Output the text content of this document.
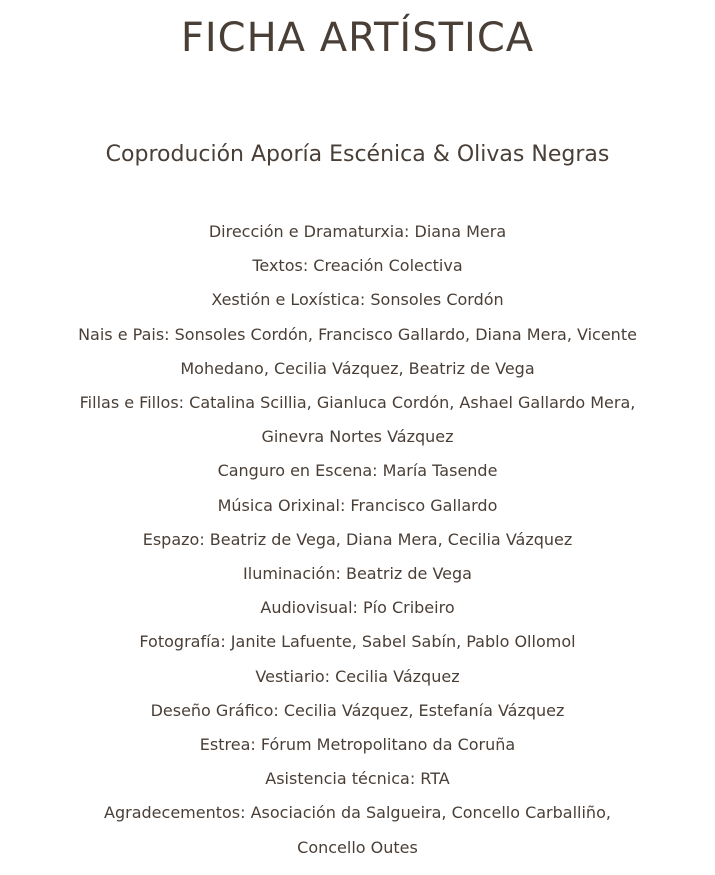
FICHA ARTÍSTICA
Coprodución Aporía Escénica & Olivas Negras
Dirección e Dramaturxia: Diana Mera
Textos: Creación Colectiva
Xestión e Loxística: Sonsoles Cordón
Nais e Pais: Sonsoles Cordón, Francisco Gallardo, Diana Mera, Vicente
Mohedano, Cecilia Vázquez, Beatriz de Vega
Fillas e Fillos: Catalina Scillia, Gianluca Cordón, Ashael Gallardo Mera,
Ginevra Nortes Vázquez
Canguro en Escena: María Tasende
Música Orixinal: Francisco Gallardo
Espazo: Beatriz de Vega, Diana Mera, Cecilia Vázquez
Iluminación: Beatriz de Vega
Audiovisual: Pío Cribeiro
Fotografía: Janite Lafuente, Sabel Sabín, Pablo Ollomol
Vestiario: Cecilia Vázquez
Deseño Gráfico: Cecilia Vázquez, Estefanía Vázquez
Estrea: Fórum Metropolitano da Coruña
Asistencia técnica: RTA
Agradecementos: Asociación da Salgueira, Concello Carballiño,
Concello Outes
